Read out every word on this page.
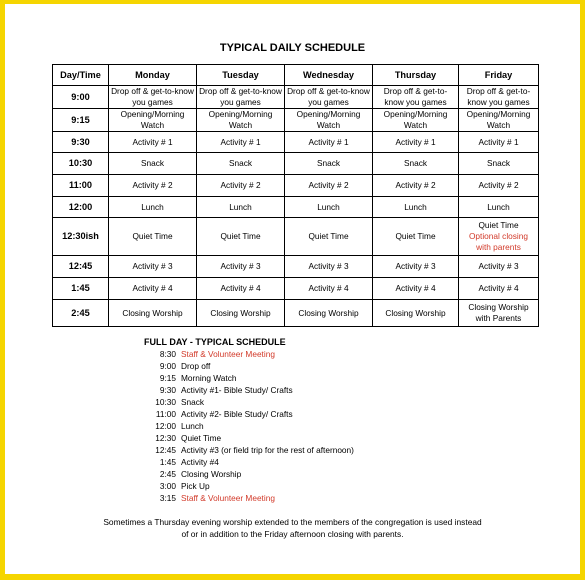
TYPICAL DAILY SCHEDULE
Day/Time	Monday	Tuesday	Wednesday	Thursday	Friday
9:00	Drop off & get-to-know you games	Drop off & get-to-know you games	Drop off & get-to-know you games	Drop off & get-to-know you games	Drop off & get-to-know you games

9:15	Opening/Morning Watch	Opening/Morning Watch	Opening/Morning Watch	Opening/Morning Watch	Opening/Morning Watch

9:30	Activity # 1	Activity # 1	Activity # 1	Activity # 1	Activity # 1
10:30	Snack	Snack	Snack	Snack	Snack
11:00	Activity # 2	Activity # 2	Activity # 2	Activity # 2	Activity # 2
12:00	Lunch	Lunch	Lunch	Lunch	Lunch
12:30ish	Quiet Time	Quiet Time	Quiet Time	Quiet Time	Quiet Time
Optional closing with parents

12:45	Activity # 3	Activity # 3	Activity # 3	Activity # 3	Activity # 3
1:45	Activity # 4	Activity # 4	Activity # 4	Activity # 4	Activity # 4
2:45	Closing Worship	Closing Worship	Closing Worship	Closing Worship	Closing Worship with Parents
FULL DAY - TYPICAL SCHEDULE
8:30 Staff & Volunteer Meeting
9:00 Drop off
9:15 Morning Watch
9:30 Activity #1- Bible Study/ Crafts
10:30 Snack
11:00 Activity #2- Bible Study/ Crafts
12:00 Lunch
12:30 Quiet Time
12:45 Activity #3 (or field trip for the rest of afternoon)
1:45 Activity #4
2:45 Closing Worship
3:00 Pick Up
3:15 Staff & Volunteer Meeting
Sometimes a Thursday evening worship extended to the members of the congregation is used instead
of or in addition to the Friday afternoon closing with parents.
